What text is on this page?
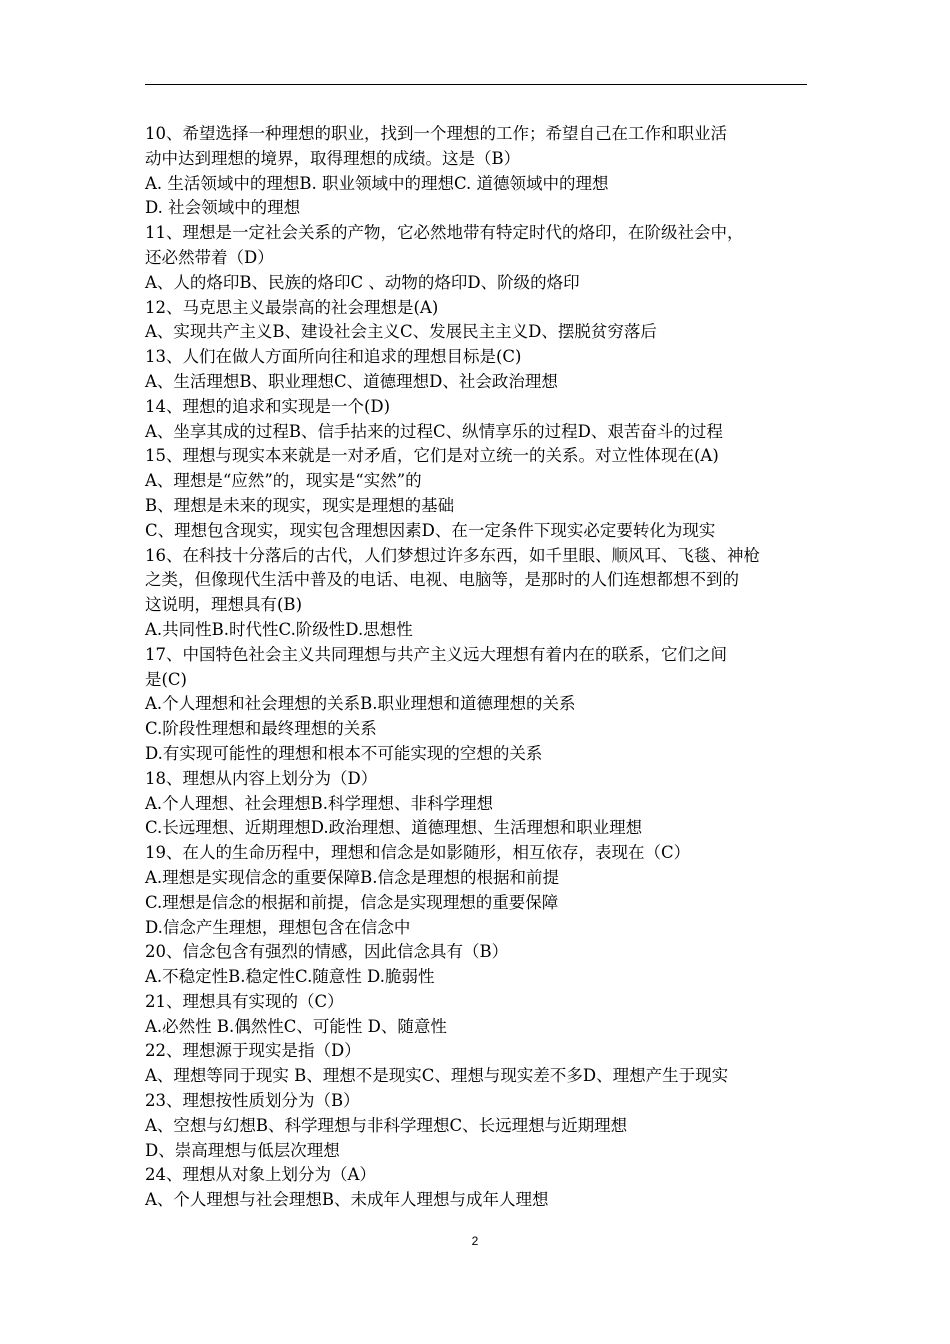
10、希望选择一种理想的职业，找到一个理想的工作；希望自己在工作和职业活
动中达到理想的境界，取得理想的成绩。这是（B）
A. 生活领域中的理想B. 职业领域中的理想C. 道德领域中的理想
D. 社会领域中的理想
11、理想是一定社会关系的产物，它必然地带有特定时代的烙印，在阶级社会中，
还必然带着（D）
A、人的烙印B、民族的烙印C 、动物的烙印D、阶级的烙印
12、马克思主义最崇高的社会理想是(A)
A、实现共产主义B、建设社会主义C、发展民主主义D、摆脱贫穷落后
13、人们在做人方面所向往和追求的理想目标是(C)
A、生活理想B、职业理想C、道德理想D、社会政治理想
14、理想的追求和实现是一个(D)
A、坐享其成的过程B、信手拈来的过程C、纵情享乐的过程D、艰苦奋斗的过程
15、理想与现实本来就是一对矛盾，它们是对立统一的关系。对立性体现在(A)
A、理想是“应然”的，现实是“实然”的
B、理想是未来的现实，现实是理想的基础
C、理想包含现实，现实包含理想因素D、在一定条件下现实必定要转化为现实
16、在科技十分落后的古代，人们梦想过许多东西，如千里眼、顺风耳、飞毯、神枪
之类，但像现代生活中普及的电话、电视、电脑等，是那时的人们连想都想不到的
这说明，理想具有(B)
A.共同性B.时代性C.阶级性D.思想性
17、中国特色社会主义共同理想与共产主义远大理想有着内在的联系，它们之间
是(C)
A.个人理想和社会理想的关系B.职业理想和道德理想的关系
C.阶段性理想和最终理想的关系
D.有实现可能性的理想和根本不可能实现的空想的关系
18、理想从内容上划分为（D）
A.个人理想、社会理想B.科学理想、非科学理想
C.长远理想、近期理想D.政治理想、道德理想、生活理想和职业理想
19、在人的生命历程中，理想和信念是如影随形，相互依存，表现在（C）
A.理想是实现信念的重要保障B.信念是理想的根据和前提
C.理想是信念的根据和前提，信念是实现理想的重要保障
D.信念产生理想，理想包含在信念中
20、信念包含有强烈的情感，因此信念具有（B）
A.不稳定性B.稳定性C.随意性 D.脆弱性
21、理想具有实现的（C）
A.必然性 B.偶然性C、可能性 D、随意性
22、理想源于现实是指（D）
A、理想等同于现实 B、理想不是现实C、理想与现实差不多D、理想产生于现实
23、理想按性质划分为（B）
A、空想与幻想B、科学理想与非科学理想C、长远理想与近期理想
D、崇高理想与低层次理想
24、理想从对象上划分为（A）
A、个人理想与社会理想B、未成年人理想与成年人理想
2
